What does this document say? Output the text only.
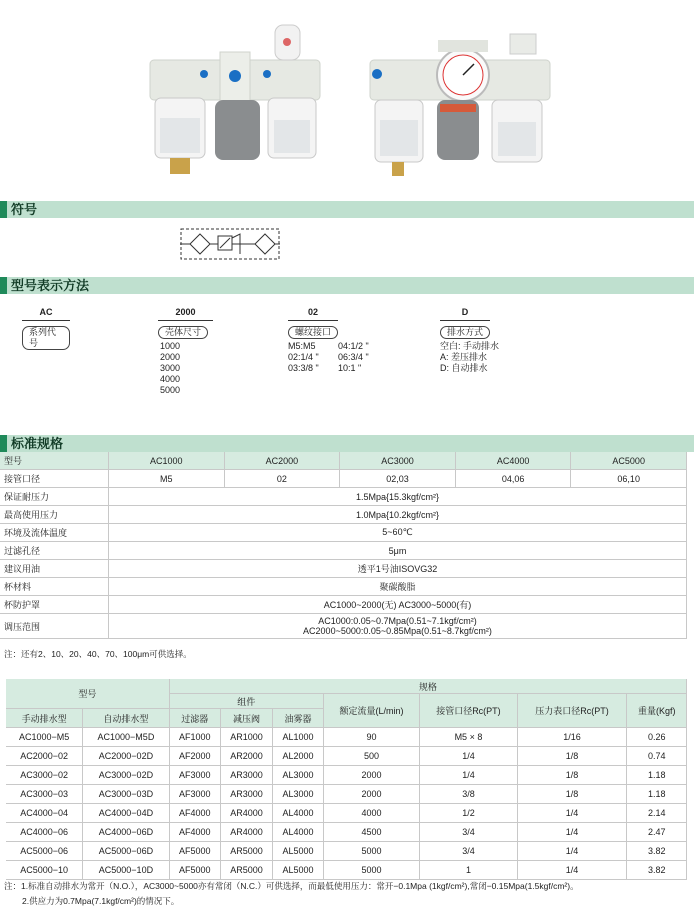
符号
型号表示方法
AC
系列代号
2000
壳体尺寸
1000
2000
3000
4000
5000
02
螺纹接口
M5:M5
02:1/4 "
03:3/8 "
04:1/2 "
06:3/4 "
10:1 "
D
排水方式
空白: 手动排水
A: 差压排水
D: 自动排水
标准规格
型号	AC1000	AC2000	AC3000	AC4000	AC5000
接管口径	M5	02	02,03	04,06	06,10
保证耐压力	1.5Mpa{15.3kgf/cm²}				
最高使用压力	1.0Mpa{10.2kgf/cm²}				
环境及流体温度	5~60℃				
过滤孔径	5μm				
建议用油	透平1号油ISOVG32				
杯材料	聚碳酸脂				
杯防护罩	AC1000~2000(无) AC3000~5000(有)				
调压范围	AC1000:0.05~0.7Mpa(0.51~7.1kgf/cm²)
AC2000~5000:0.05~0.85Mpa(0.51~8.7kgf/cm²)				
注：还有2、10、20、40、70、100μm可供选择。
型号		规格						
		组件			额定流量(L/min)	接管口径Rc(PT)	压力表口径Rc(PT)	重量(Kgf)
手动排水型	自动排水型	过滤器	减压阀	油雾器				
AC1000−M5	AC1000−M5D	AF1000	AR1000	AL1000	90	M5 × 8	1/16	0.26
AC2000−02	AC2000−02D	AF2000	AR2000	AL2000	500	1/4	1/8	0.74
AC3000−02	AC3000−02D	AF3000	AR3000	AL3000	2000	1/4	1/8	1.18
AC3000−03	AC3000−03D	AF3000	AR3000	AL3000	2000	3/8	1/8	1.18
AC4000−04	AC4000−04D	AF4000	AR4000	AL4000	4000	1/2	1/4	2.14
AC4000−06	AC4000−06D	AF4000	AR4000	AL4000	4500	3/4	1/4	2.47
AC5000−06	AC5000−06D	AF5000	AR5000	AL5000	5000	3/4	1/4	3.82
AC5000−10	AC5000−10D	AF5000	AR5000	AL5000	5000	1	1/4	3.82
注：1.标准自动排水为常开（N.O.），AC3000~5000亦有常闭（N.C.）可供选择，而最低使用压力：常开−0.1Mpa (1kgf/cm²),常闭−0.15Mpa(1.5kgf/cm²)。
2.供应力为0.7Mpa(7.1kgf/cm²)的情况下。
